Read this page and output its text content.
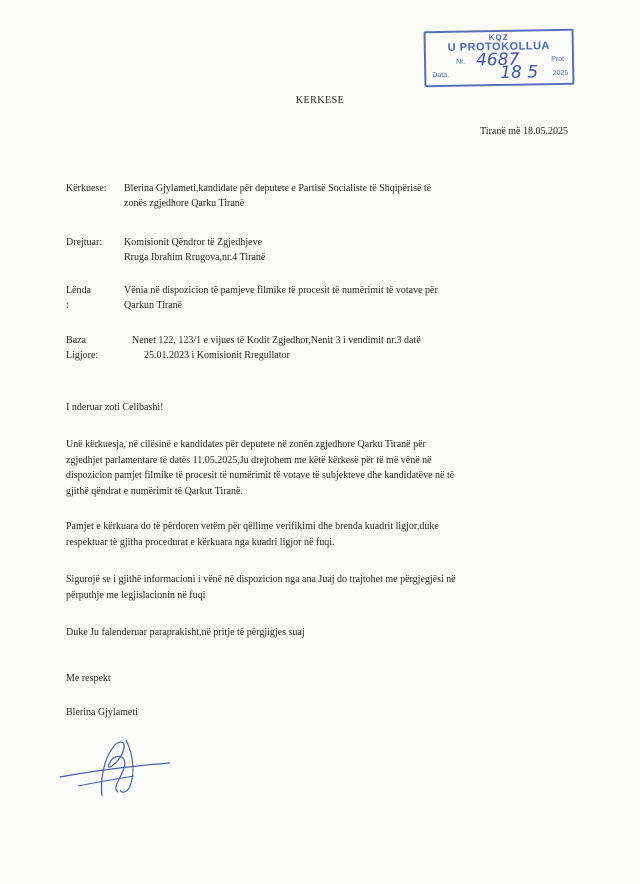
KQZ
U PROTOKOLLUA
Nr. 4687	Prot.
Data.	18 5 2025
KERKESE
Tiranë më 18.05.2025
Kërkuese: Blerina Gjylameti,kandidate për deputete e Partisë Socialiste të Shqipërisë të
zonës zgjedhore Qarku Tiranë
Drejtuar: Komisionit Qëndror të Zgjedhjeve
Rruga Ibrahim Rrugova,nr.4 Tiranë
Lënda :
Vënia në dispozicion të pamjeve filmike të procesit të numërimit të votave për
Qarkun Tiranë
Baza Ligjore:
Nenet 122, 123/1 e vijues të Kodit Zgjedhor,Nenit 3 i vendimit nr.3 datë
25.01.2023 i Komisionit Rregullator
I nderuar zoti Celibashi!
Unë kërkuesja, në cilësinë e kandidates për deputete në zonën zgjedhore Qarku Tiranë për
zgjedhjet parlamentare të datës 11.05.2025,Ju drejtohem me këtë kërkesë për të më vënë në
dispozicion pamjet filmike të procesit të numërimit të votave të subjekteve dhe kandidatëve në të
gjithë qëndrat e numërimit të Qarkut Tiranë.
Pamjet e kërkuara do të përdoren vetëm për qëllime verifikimi dhe brenda kuadrit ligjor,duke
respektuar të gjitha procedurat e kërkuara nga kuadri ligjor në fuqi.
Sigurojë se i gjithë informacioni i vënë në dispozicion nga ana Juaj do trajtohet me përgjegjësi në
përputhje me legjislacionin në fuqi
Duke Ju falenderuar paraprakisht,në pritje të përgjigjes suaj
Me respekt
Blerina Gjylameti
